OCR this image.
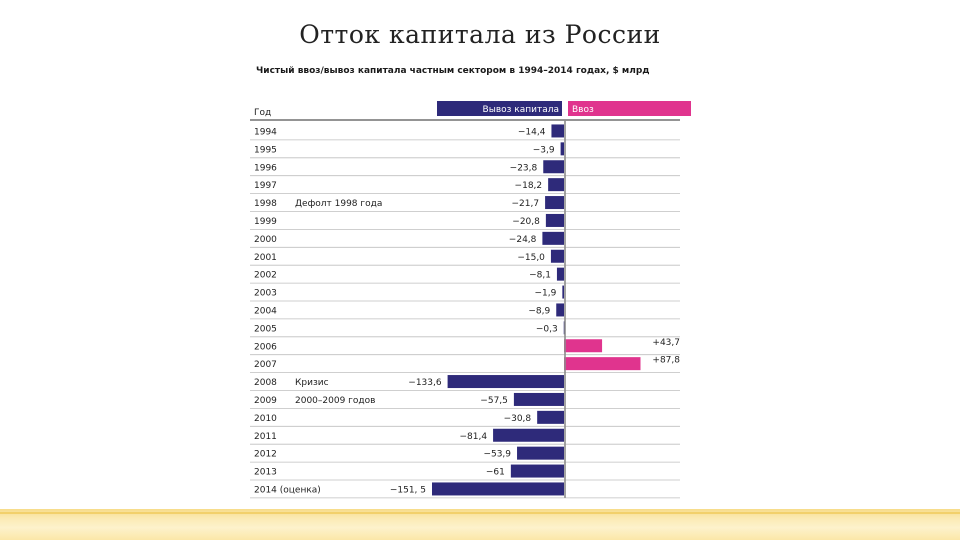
Отток капитала из России
Чистый ввоз/вывоз капитала частным сектором в 1994–2014 годах, $ млрд
Год	Вывоз капитала Ввоз
1994	−14,4
1995	−3,9
1996	−23,8
1997	−18,2
1998 Дефолт 1998 года	−21,7
1999	−20,8
2000	−24,8
2001	−15,0
2002	−8,1
2003	−1,9
2004	−8,9
2005	−0,3
2006	+43,7
2007	+87,8
2008 Кризис	−133,6
2009 2000–2009 годов	−57,5
2010	−30,8
2011	−81,4
2012	−53,9
2013	−61
2014 (оценка)	−151, 5
